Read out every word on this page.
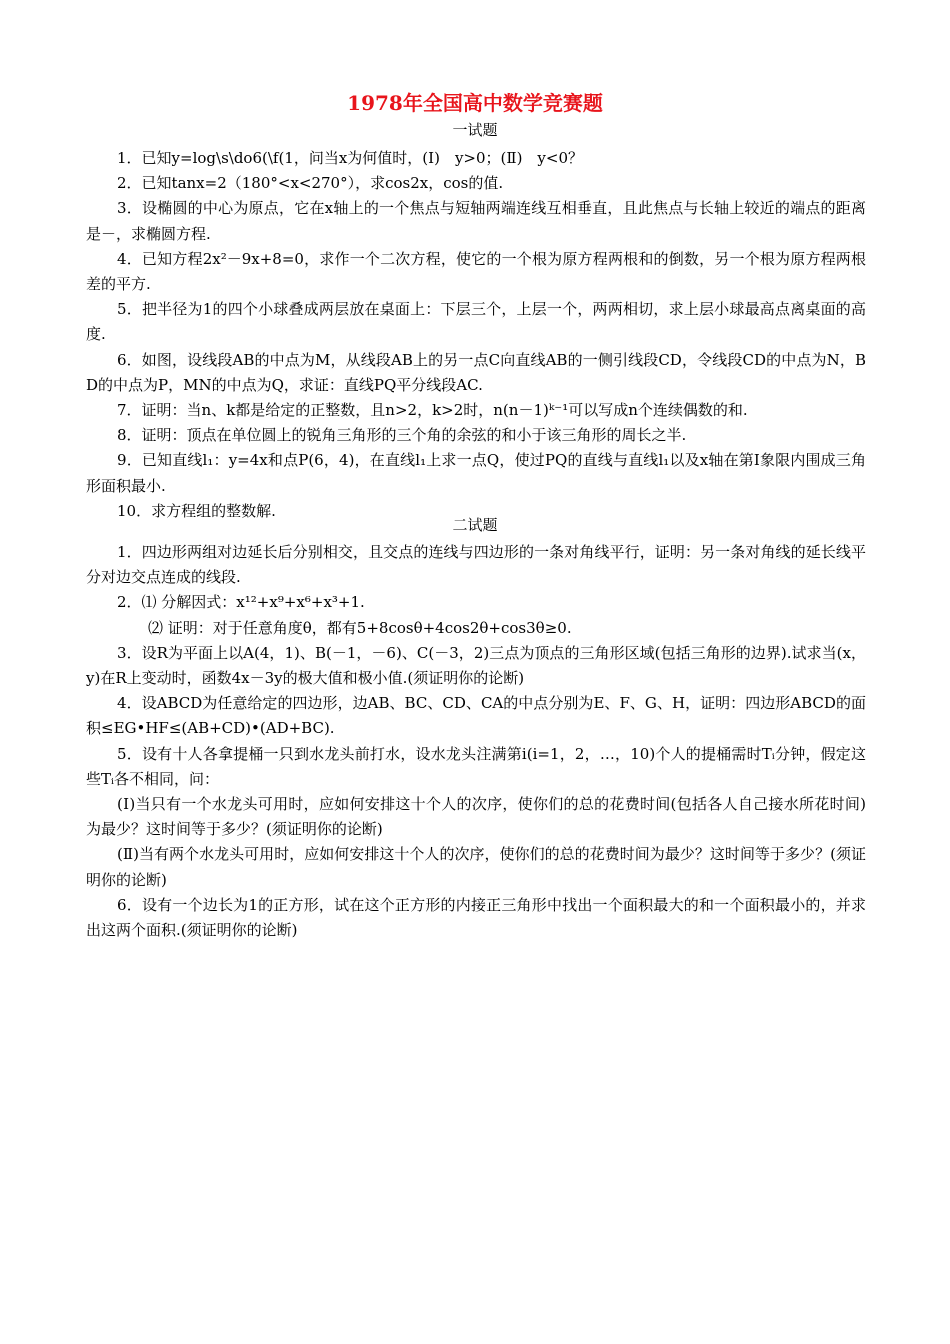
1978年全国高中数学竞赛题
一试题

1．已知y=log\s\do6(\f(1，问当x为何值时，(Ⅰ)　y>0；(Ⅱ)　y<0？

2．已知tanx=2（180°<x<270°），求cos2x，cos的值.

3．设椭圆的中心为原点，它在x轴上的一个焦点与短轴两端连线互相垂直，且此焦点与长轴上较近的端点的距离是－，求椭圆方程.

4．已知方程2x²－9x+8=0，求作一个二次方程，使它的一个根为原方程两根和的倒数，另一个根为原方程两根差的平方.

5．把半径为1的四个小球叠成两层放在桌面上：下层三个，上层一个，两两相切，求上层小球最高点离桌面的高度.

6．如图，设线段AB的中点为M，从线段AB上的另一点C向直线AB的一侧引线段CD，令线段CD的中点为N，BD的中点为P，MN的中点为Q，求证：直线PQ平分线段AC.

7．证明：当n、k都是给定的正整数，且n>2，k>2时，n(n－1)ᵏ⁻¹可以写成n个连续偶数的和.

8．证明：顶点在单位圆上的锐角三角形的三个角的余弦的和小于该三角形的周长之半.

9．已知直线l₁：y=4x和点P(6，4)，在直线l₁上求一点Q，使过PQ的直线与直线l₁以及x轴在第Ⅰ象限内围成三角形面积最小.

10．求方程组的整数解.

二试题

1．四边形两组对边延长后分别相交，且交点的连线与四边形的一条对角线平行，证明：另一条对角线的延长线平分对边交点连成的线段.

2．⑴ 分解因式：x¹²+x⁹+x⁶+x³+1.

⑵ 证明：对于任意角度θ，都有5+8cosθ+4cos2θ+cos3θ≥0.

3．设R为平面上以A(4，1)、B(－1，－6)、C(－3，2)三点为顶点的三角形区域(包括三角形的边界).试求当(x，y)在R上变动时，函数4x－3y的极大值和极小值.(须证明你的论断)

4．设ABCD为任意给定的四边形，边AB、BC、CD、CA的中点分别为E、F、G、H，证明：四边形ABCD的面积≤EG•HF≤(AB+CD)•(AD+BC).

5．设有十人各拿提桶一只到水龙头前打水，设水龙头注满第i(i=1，2，…，10)个人的提桶需时Tᵢ分钟，假定这些Tᵢ各不相同，问：

(Ⅰ)当只有一个水龙头可用时，应如何安排这十个人的次序，使你们的总的花费时间(包括各人自己接水所花时间)为最少？这时间等于多少？(须证明你的论断)

(Ⅱ)当有两个水龙头可用时，应如何安排这十个人的次序，使你们的总的花费时间为最少？这时间等于多少？(须证明你的论断)

6．设有一个边长为1的正方形，试在这个正方形的内接正三角形中找出一个面积最大的和一个面积最小的，并求出这两个面积.(须证明你的论断)
